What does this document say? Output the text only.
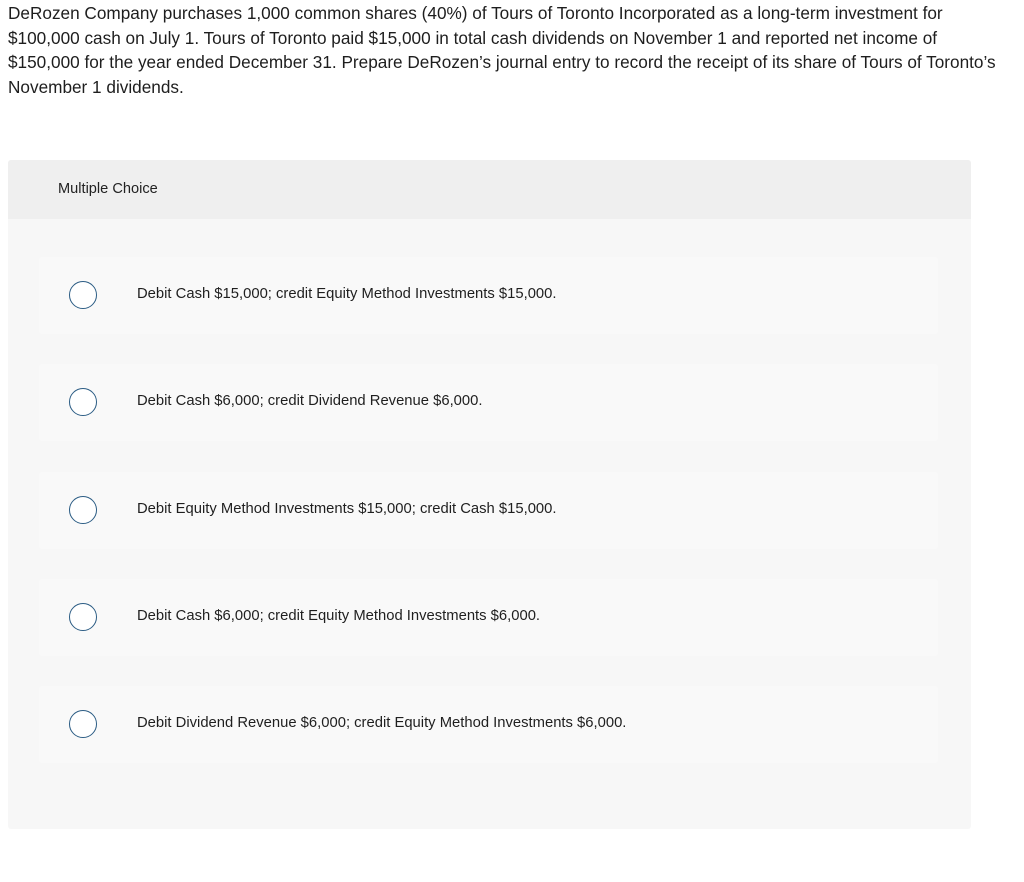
DeRozen Company purchases 1,000 common shares (40%) of Tours of Toronto Incorporated as a long-term investment for $100,000 cash on July 1. Tours of Toronto paid $15,000 in total cash dividends on November 1 and reported net income of $150,000 for the year ended December 31. Prepare DeRozen’s journal entry to record the receipt of its share of Tours of Toronto’s November 1 dividends.

Multiple Choice
Debit Cash $15,000; credit Equity Method Investments $15,000.
Debit Cash $6,000; credit Dividend Revenue $6,000.
Debit Equity Method Investments $15,000; credit Cash $15,000.
Debit Cash $6,000; credit Equity Method Investments $6,000.
Debit Dividend Revenue $6,000; credit Equity Method Investments $6,000.
